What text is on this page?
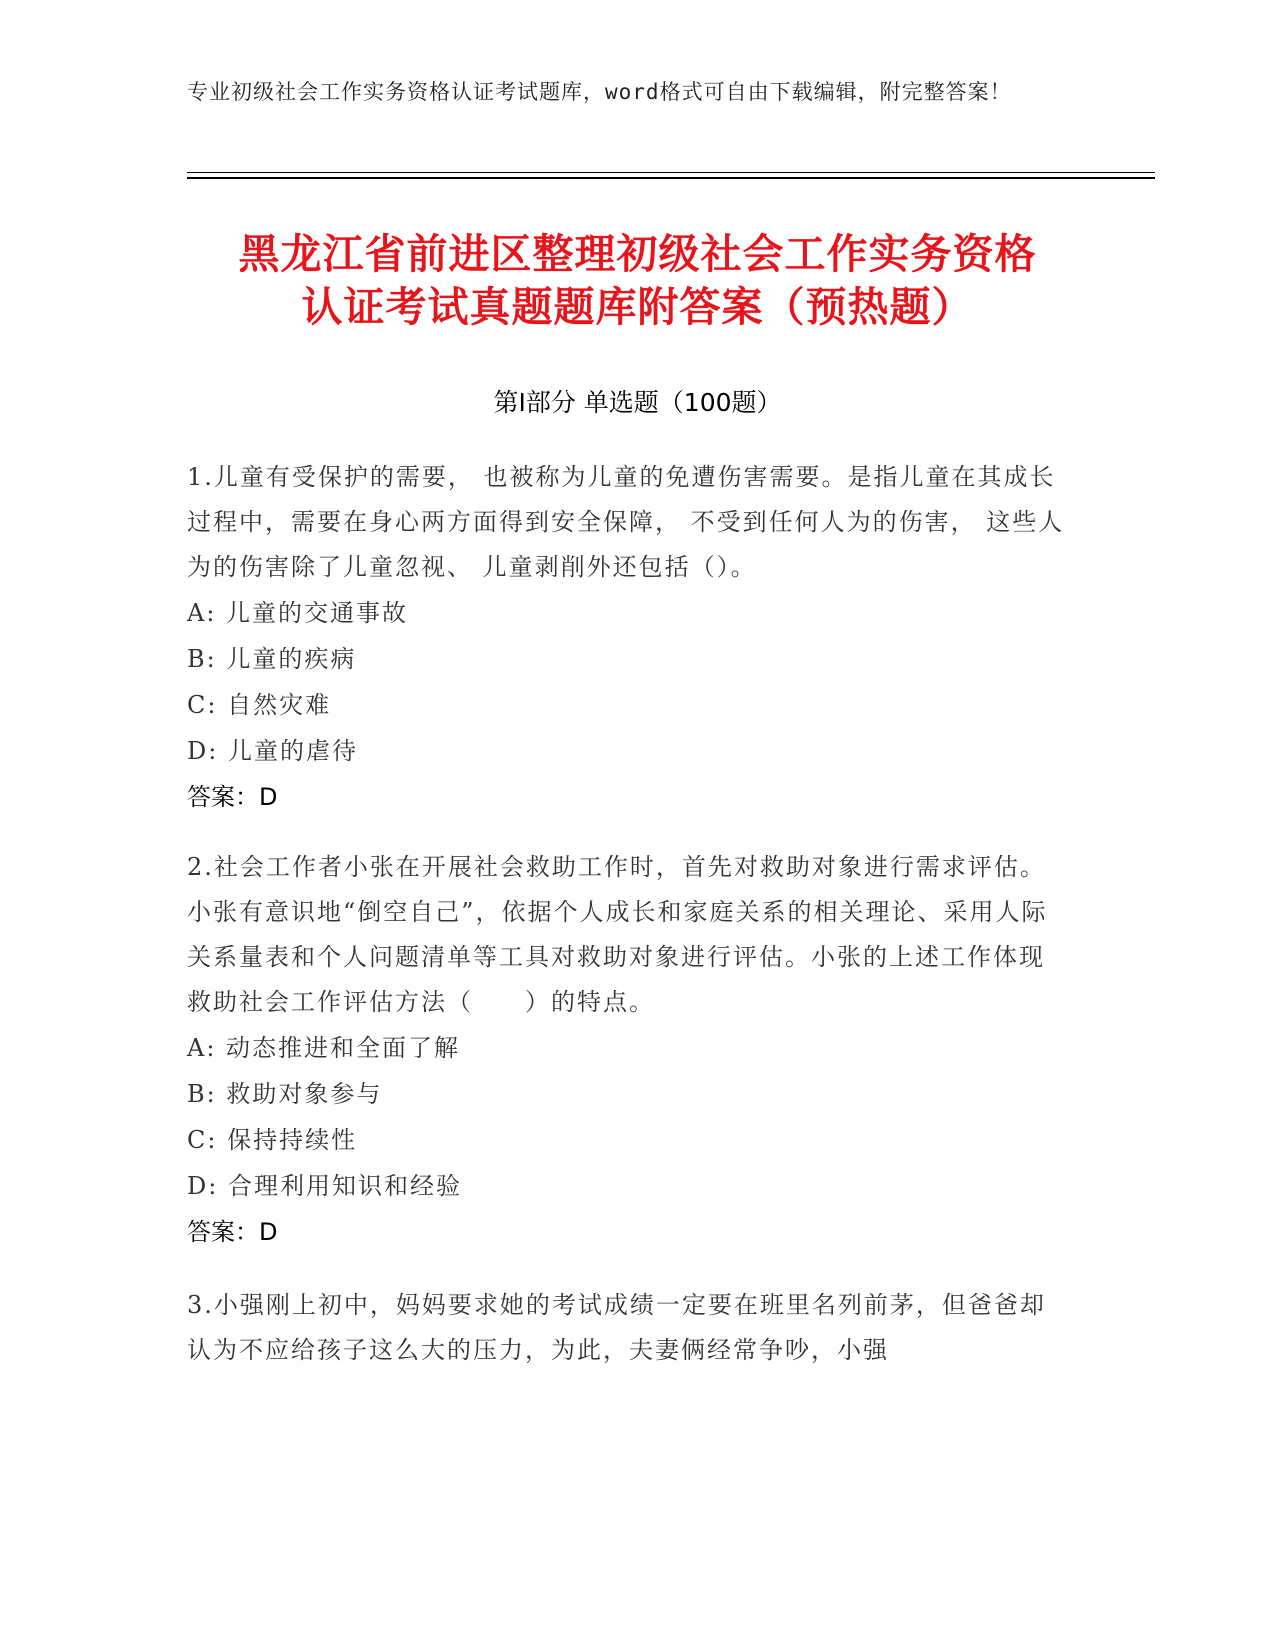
专业初级社会工作实务资格认证考试题库，word格式可自由下载编辑，附完整答案！
黑龙江省前进区整理初级社会工作实务资格
认证考试真题题库附答案（预热题）
第Ⅰ部分 单选题（100题）
1.儿童有受保护的需要， 也被称为儿童的免遭伤害需要。是指儿童在其成长过程中，需要在身心两方面得到安全保障， 不受到任何人为的伤害， 这些人为的伤害除了儿童忽视、 儿童剥削外还包括（）。
A: 儿童的交通事故
B: 儿童的疾病
C: 自然灾难
D: 儿童的虐待
答案：D
2.社会工作者小张在开展社会救助工作时，首先对救助对象进行需求评估。小张有意识地“倒空自己”，依据个人成长和家庭关系的相关理论、采用人际关系量表和个人问题清单等工具对救助对象进行评估。小张的上述工作体现救助社会工作评估方法（　　）的特点。
A: 动态推进和全面了解
B: 救助对象参与
C: 保持持续性
D: 合理利用知识和经验
答案：D
3.小强刚上初中，妈妈要求她的考试成绩一定要在班里名列前茅，但爸爸却认为不应给孩子这么大的压力，为此，夫妻俩经常争吵，小强
